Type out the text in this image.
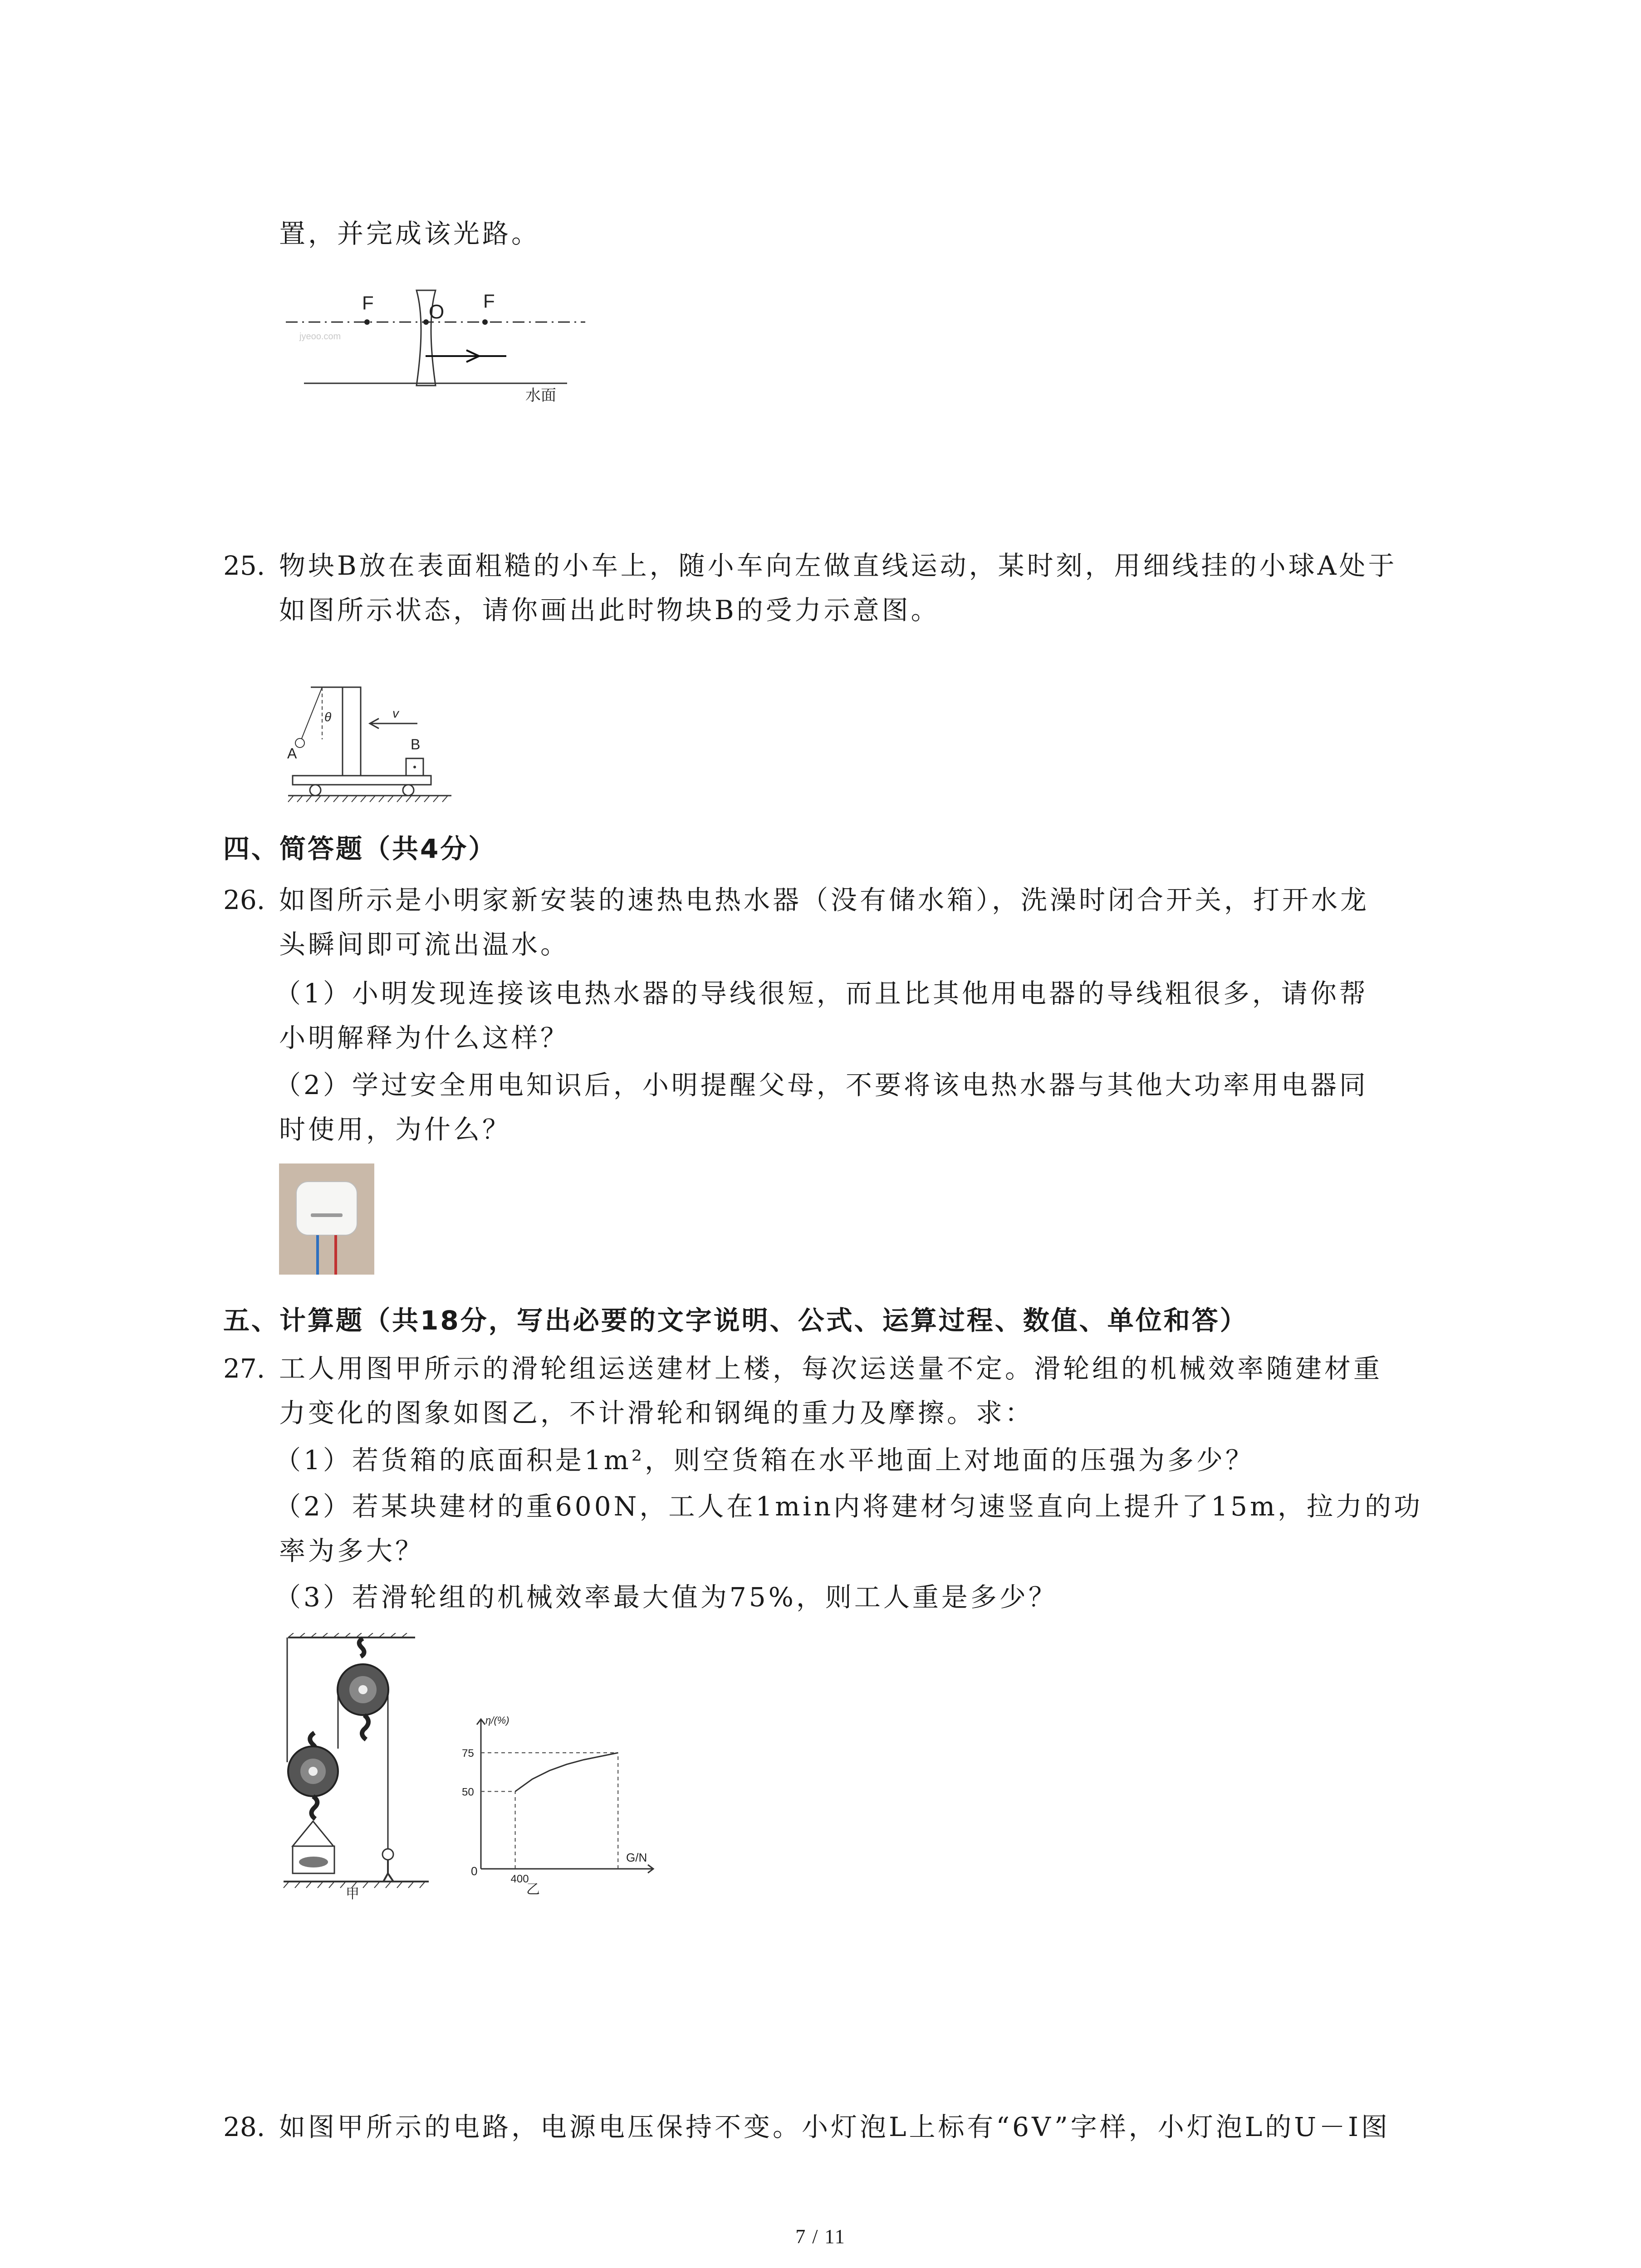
置，并完成该光路。
F	O F
jyeoo.com
水面
25. 物块B放在表面粗糙的小车上，随小车向左做直线运动，某时刻，用细线挂的小球A处于
如图所示状态，请你画出此时物块B的受力示意图。
A
θ	v
B
四、简答题（共4分）
26. 如图所示是小明家新安装的速热电热水器（没有储水箱），洗澡时闭合开关，打开水龙
头瞬间即可流出温水。
（1）小明发现连接该电热水器的导线很短，而且比其他用电器的导线粗很多，请你帮
小明解释为什么这样？
（2）学过安全用电知识后，小明提醒父母，不要将该电热水器与其他大功率用电器同
时使用，为什么？
五、计算题（共18分，写出必要的文字说明、公式、运算过程、数值、单位和答）
27. 工人用图甲所示的滑轮组运送建材上楼，每次运送量不定。滑轮组的机械效率随建材重
力变化的图象如图乙，不计滑轮和钢绳的重力及摩擦。求：
（1）若货箱的底面积是1m²，则空货箱在水平地面上对地面的压强为多少？
（2）若某块建材的重600N，工人在1min内将建材匀速竖直向上提升了15m，拉力的功
率为多大？
（3）若滑轮组的机械效率最大值为75%，则工人重是多少？
甲
50
75
400
0
η/(%)
G/N
乙
28. 如图甲所示的电路，电源电压保持不变。小灯泡L上标有“6V”字样，小灯泡L的U－I图
7 / 11
